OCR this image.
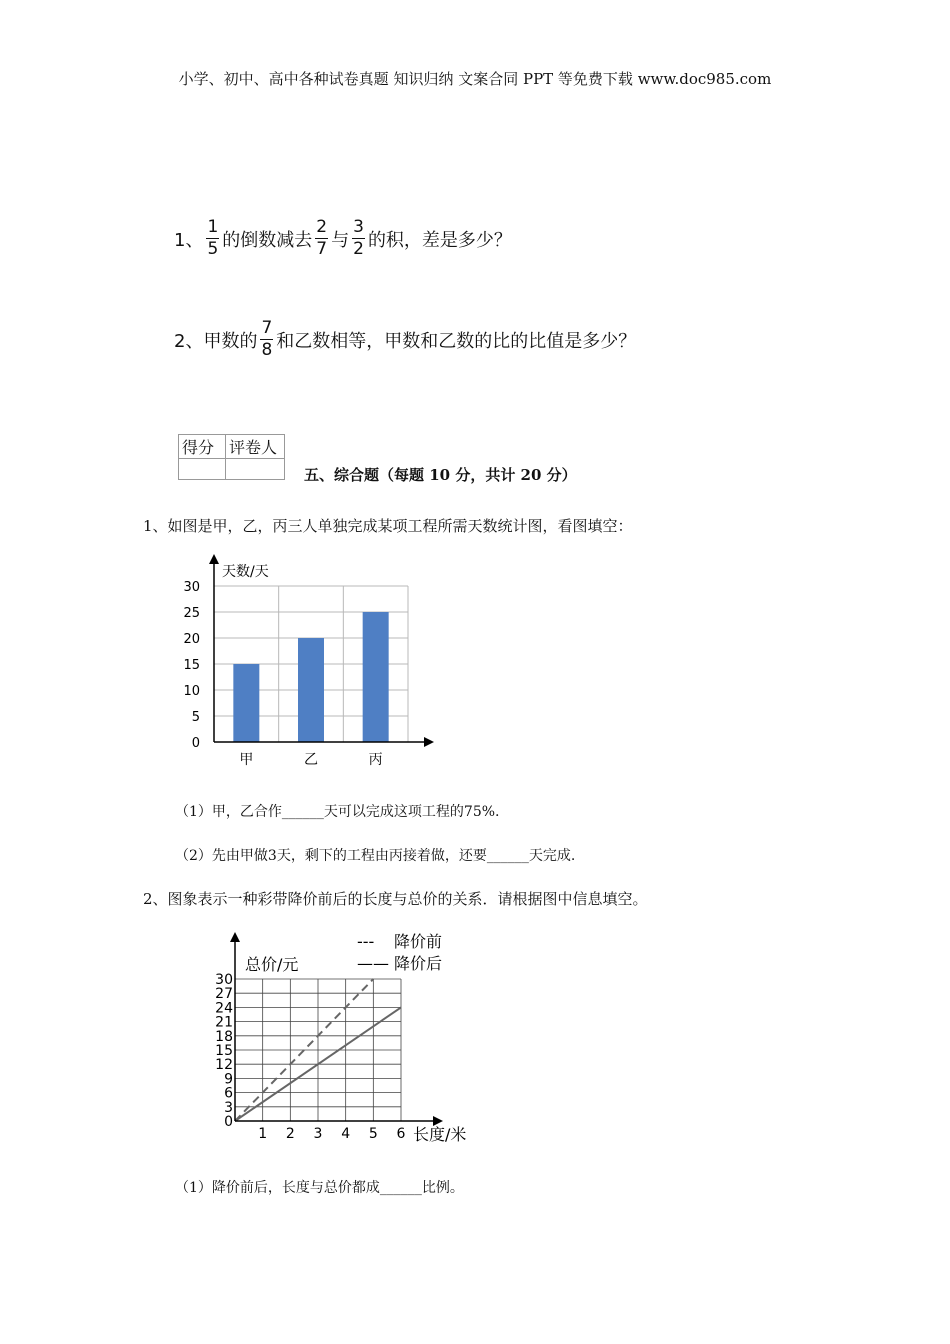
小学、初中、高中各种试卷真题 知识归纳 文案合同 PPT 等免费下载 www.doc985.com
1、 $\frac{1}{5}$ 的倒数减去 $\frac{2}{7}$ 与 $\frac{3}{2}$ 的积，差是多少？
2、甲数的 $\frac{7}{8}$ 和乙数相等，甲数和乙数的比的比值是多少？
得分	评卷人

五、综合题（每题 10 分，共计 20 分）
1、如图是甲，乙，丙三人单独完成某项工程所需天数统计图，看图填空：
0
5
10
15
20
25
30
甲	乙	丙
天数/天
（1）甲，乙合作______天可以完成这项工程的75%.
（2）先由甲做3天，剩下的工程由丙接着做，还要______天完成.
2、图象表示一种彩带降价前后的长度与总价的关系．请根据图中信息填空。
0
3
6
9
12
15
18
21
24
27
30
1 2 3 4 5 6
总价/元
长度/米
--- 降价前
—— 降价后
（1）降价前后，长度与总价都成______比例。
